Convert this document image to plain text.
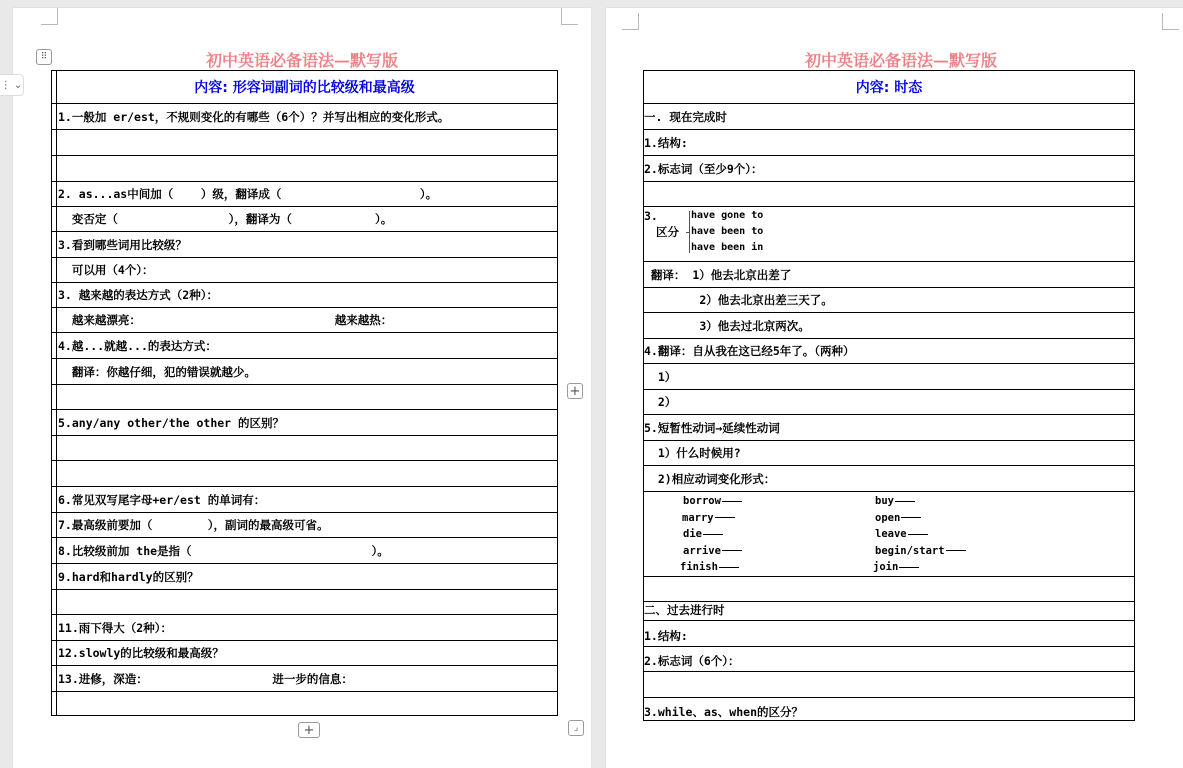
初中英语必备语法—默写版
⠿
内容: 形容词副词的比较级和最高级
1.一般加 er/est，不规则变化的有哪些（6个）？并写出相应的变化形式。
2. as...as中间加（    ）级，翻译成（                    ）。
变否定（                ），翻译为（            ）。
3.看到哪些词用比较级？
可以用（4个）：
3. 越来越的表达方式（2种）：
越来越漂亮：                            越来越热：
4.越...就越...的表达方式：
翻译：你越仔细，犯的错误就越少。
5.any/any other/the other 的区别？
6.常见双写尾字母+er/est 的单词有：
7.最高级前要加（        ），副词的最高级可省。
8.比较级前加 the是指（                          ）。
9.hard和hardly的区别？
11.雨下得大（2种）：
12.slowly的比较级和最高级？
13.进修，深造：                  进一步的信息：
+
+	⌟
⋮ ⌄
初中英语必备语法—默写版
内容: 时态
一. 现在完成时
1.结构:
2.标志词（至少9个）：
3.
区分
have gone to
have been to
have been in
翻译： 1）他去北京出差了
2）他去北京出差三天了。
3）他去过北京两次。
4.翻译：自从我在这已经5年了。（两种）
1）
2）
5.短暂性动词→延续性动词
1）什么时候用?
2)相应动词变化形式：
borrow
marry
die
arrive
finish
buy
open
leave
begin/start
join
二、过去进行时
1.结构:
2.标志词（6个）：
3.while、as、when的区分？
